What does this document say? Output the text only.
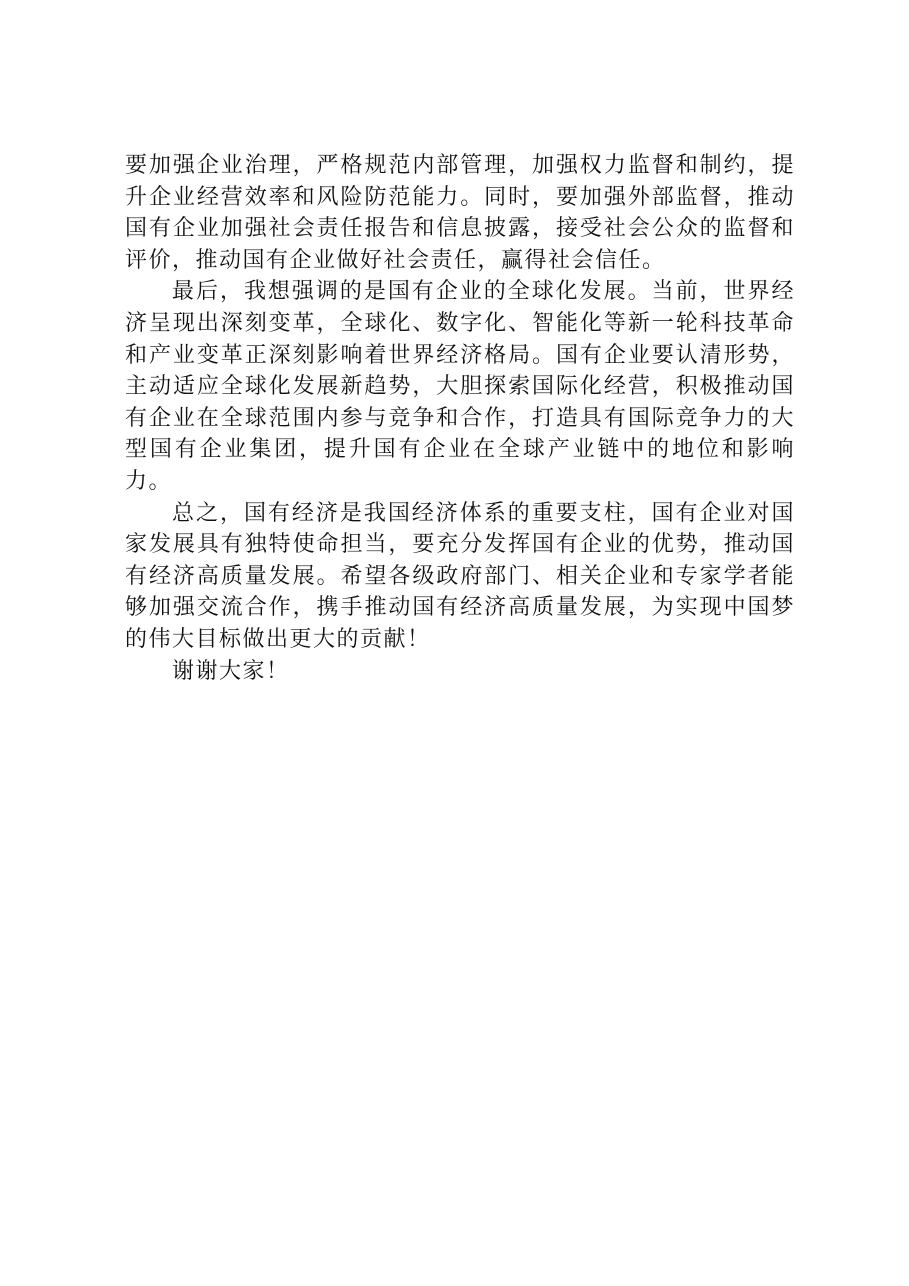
要加强企业治理，严格规范内部管理，加强权力监督和制约，提升企业经营效率和风险防范能力。同时，要加强外部监督，推动国有企业加强社会责任报告和信息披露，接受社会公众的监督和评价，推动国有企业做好社会责任，赢得社会信任。

最后，我想强调的是国有企业的全球化发展。当前，世界经济呈现出深刻变革，全球化、数字化、智能化等新一轮科技革命和产业变革正深刻影响着世界经济格局。国有企业要认清形势，主动适应全球化发展新趋势，大胆探索国际化经营，积极推动国有企业在全球范围内参与竞争和合作，打造具有国际竞争力的大型国有企业集团，提升国有企业在全球产业链中的地位和影响力。

总之，国有经济是我国经济体系的重要支柱，国有企业对国家发展具有独特使命担当，要充分发挥国有企业的优势，推动国有经济高质量发展。希望各级政府部门、相关企业和专家学者能够加强交流合作，携手推动国有经济高质量发展，为实现中国梦的伟大目标做出更大的贡献！

谢谢大家！
